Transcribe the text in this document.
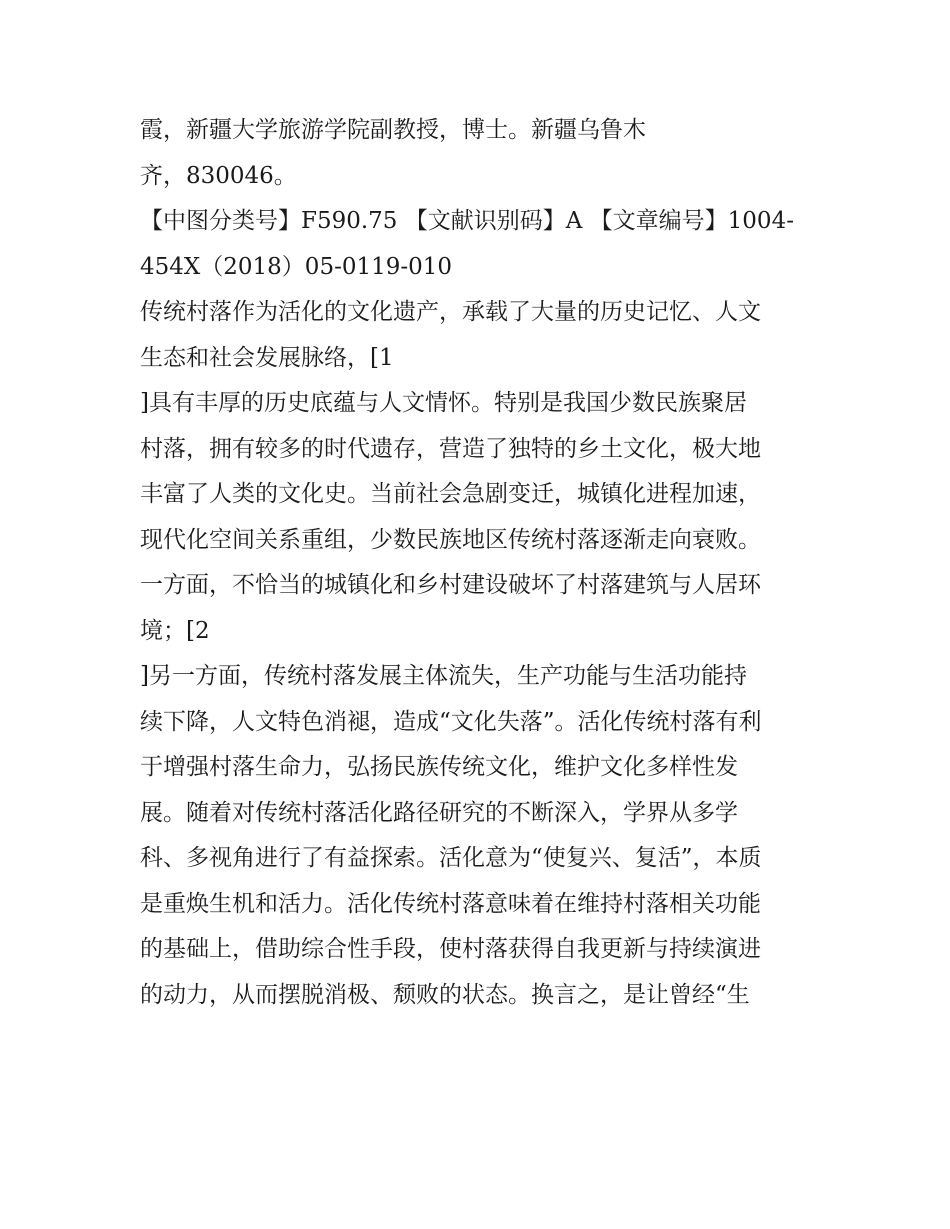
霞，新疆大学旅游学院副教授，博士。新疆乌鲁木
齐，830046。
【中图分类号】F590.75 【文献识别码】A 【文章编号】1004-
454X（2018）05-0119-010
传统村落作为活化的文化遗产，承载了大量的历史记忆、人文
生态和社会发展脉络，[1
]具有丰厚的历史底蕴与人文情怀。特别是我国少数民族聚居
村落，拥有较多的时代遗存，营造了独特的乡土文化，极大地
丰富了人类的文化史。当前社会急剧变迁，城镇化进程加速，
现代化空间关系重组，少数民族地区传统村落逐渐走向衰败。
一方面，不恰当的城镇化和乡村建设破坏了村落建筑与人居环
境；[2
]另一方面，传统村落发展主体流失，生产功能与生活功能持
续下降，人文特色消褪，造成“文化失落”。活化传统村落有利
于增强村落生命力，弘扬民族传统文化，维护文化多样性发
展。随着对传统村落活化路径研究的不断深入，学界从多学
科、多视角进行了有益探索。活化意为“使复兴、复活”，本质
是重焕生机和活力。活化传统村落意味着在维持村落相关功能
的基础上，借助综合性手段，使村落获得自我更新与持续演进
的动力，从而摆脱消极、颓败的状态。换言之，是让曾经“生
